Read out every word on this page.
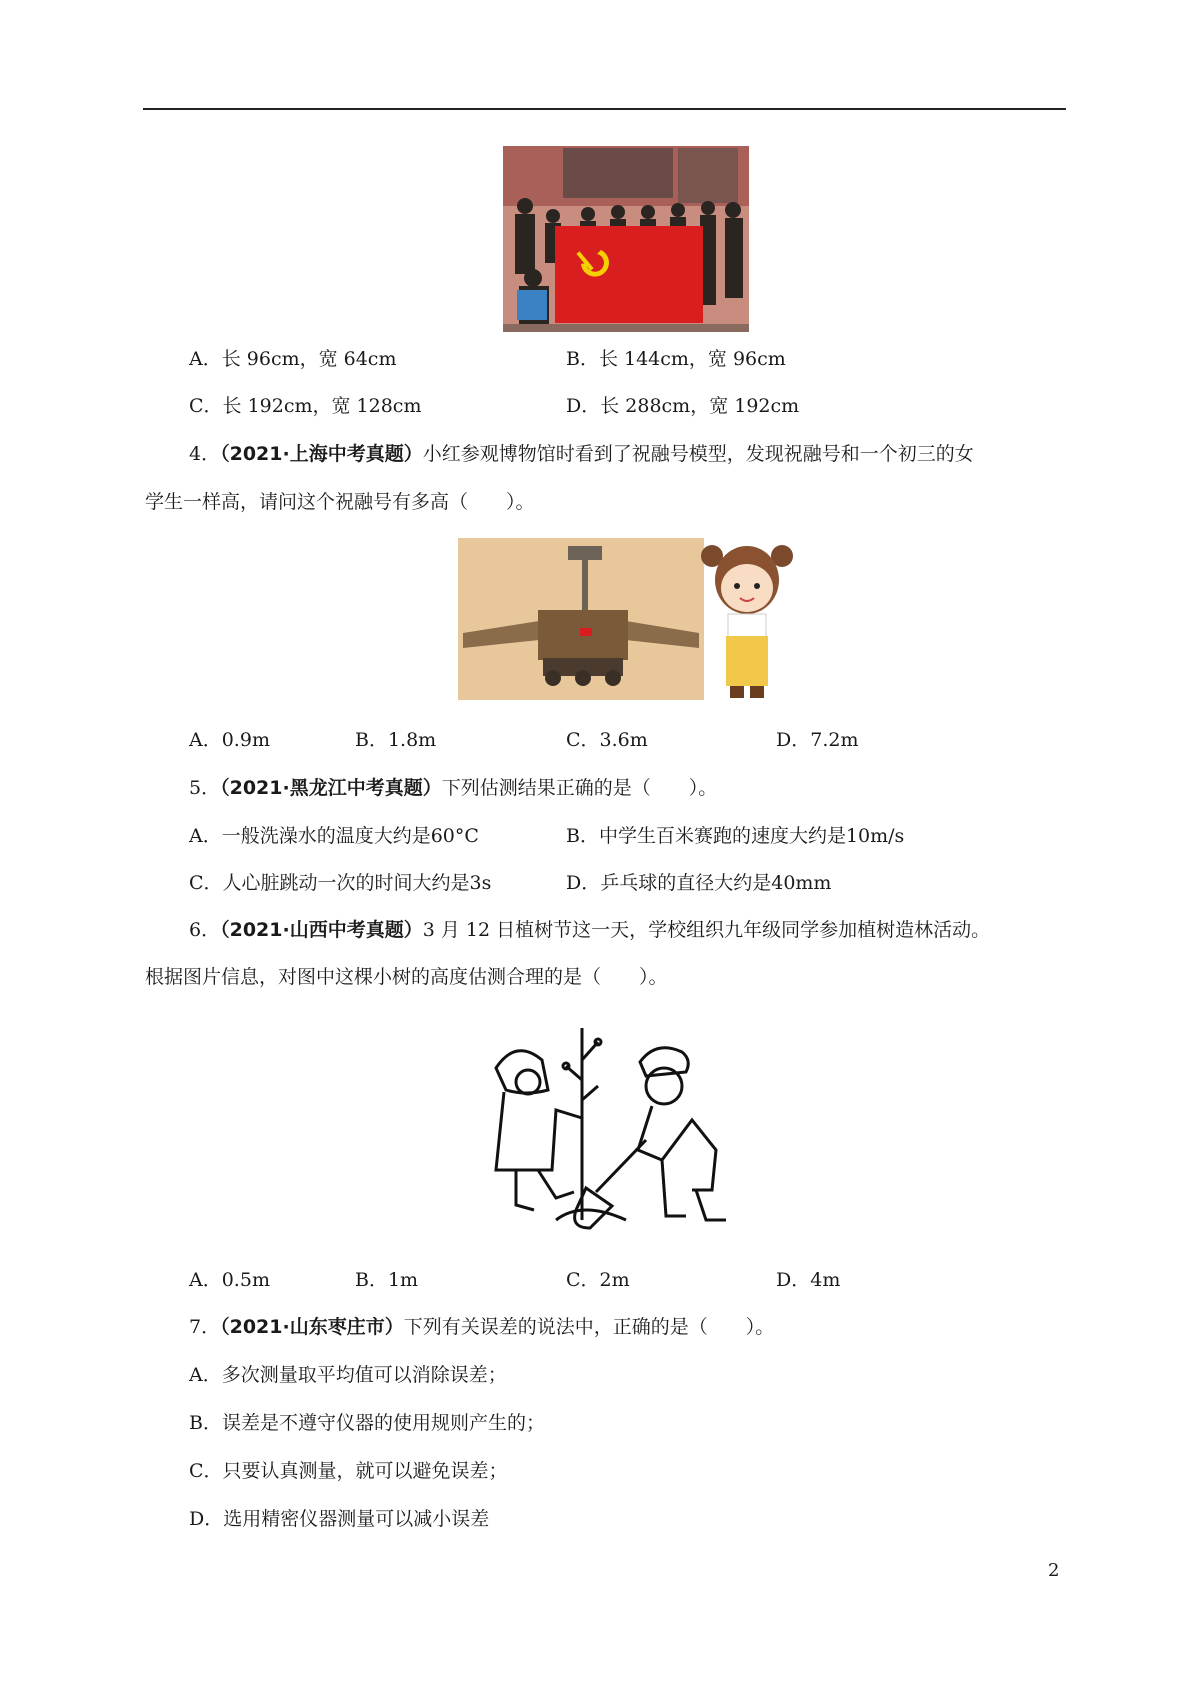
A．长 96cm，宽 64cm	B．长 144cm，宽 96cm
C．长 192cm，宽 128cm	D．长 288cm，宽 192cm
4．（2021·上海中考真题）小红参观博物馆时看到了祝融号模型，发现祝融号和一个初三的女
学生一样高，请问这个祝融号有多高（　　）。
A．0.9m	B．1.8m	C．3.6m	D．7.2m
5．（2021·黑龙江中考真题）下列估测结果正确的是（　　）。
A．一般洗澡水的温度大约是60°C	B．中学生百米赛跑的速度大约是10m/s
C．人心脏跳动一次的时间大约是3s	D．乒乓球的直径大约是40mm
6．（2021·山西中考真题）3 月 12 日植树节这一天，学校组织九年级同学参加植树造林活动。
根据图片信息，对图中这棵小树的高度估测合理的是（　　）。
A．0.5m	B．1m	C．2m	D．4m
7．（2021·山东枣庄市）下列有关误差的说法中，正确的是（　　）。
A．多次测量取平均值可以消除误差；
B．误差是不遵守仪器的使用规则产生的；
C．只要认真测量，就可以避免误差；
D．选用精密仪器测量可以减小误差
2
